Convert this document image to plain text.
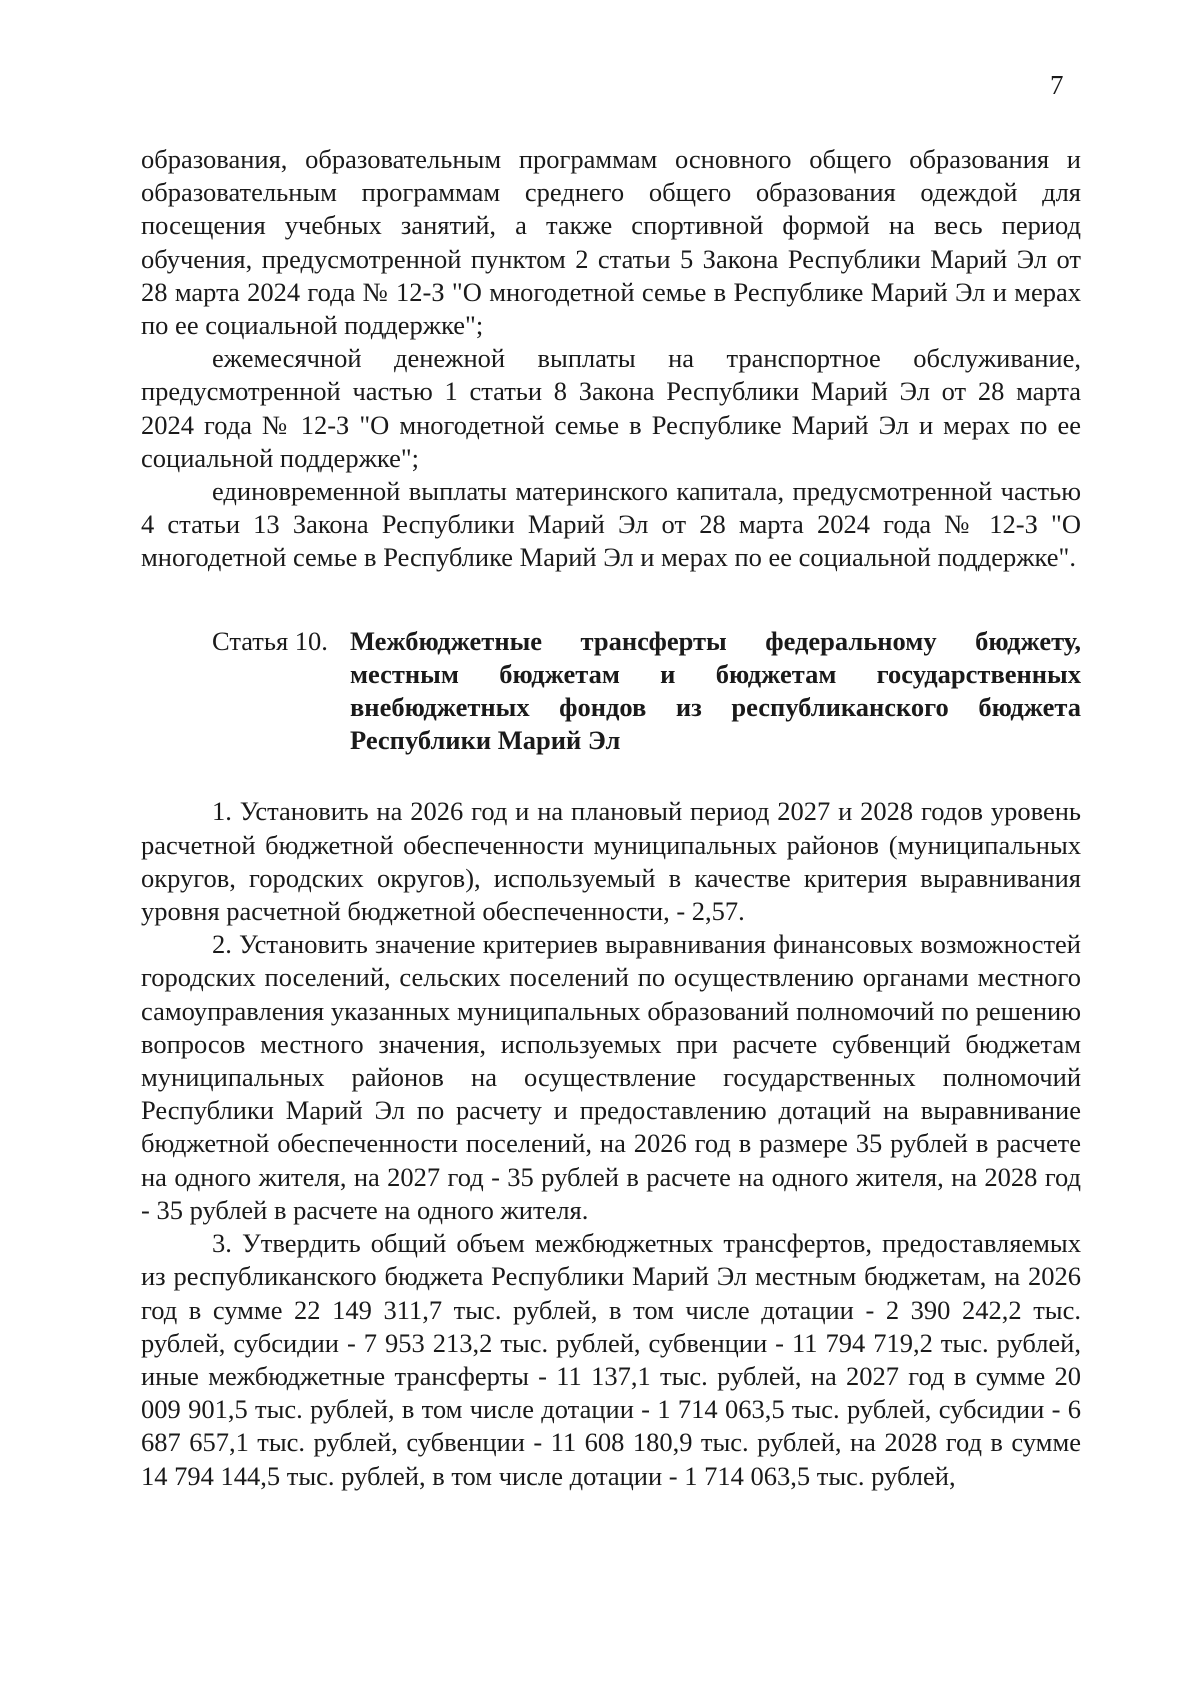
7

образования, образовательным программам основного общего образования и образовательным программам среднего общего образования одеждой для посещения учебных занятий, а также спортивной формой на весь период обучения, предусмотренной пунктом 2 статьи 5 Закона Республики Марий Эл от 28 марта 2024 года № 12-З "О многодетной семье в Республике Марий Эл и мерах по ее социальной поддержке";

ежемесячной денежной выплаты на транспортное обслуживание, предусмотренной частью 1 статьи 8 Закона Республики Марий Эл от 28 марта 2024 года № 12-З "О многодетной семье в Республике Марий Эл и мерах по ее социальной поддержке";

единовременной выплаты материнского капитала, предусмотренной частью 4 статьи 13 Закона Республики Марий Эл от 28 марта 2024 года № 12-З "О многодетной семье в Республике Марий Эл и мерах по ее социальной поддержке".

Статья 10. Межбюджетные трансферты федеральному бюджету, местным бюджетам и бюджетам государственных внебюджетных фондов из республиканского бюджета Республики Марий Эл

1. Установить на 2026 год и на плановый период 2027 и 2028 годов уровень расчетной бюджетной обеспеченности муниципальных районов (муниципальных округов, городских округов), используемый в качестве критерия выравнивания уровня расчетной бюджетной обеспеченности, - 2,57.

2. Установить значение критериев выравнивания финансовых возможностей городских поселений, сельских поселений по осуществлению органами местного самоуправления указанных муниципальных образований полномочий по решению вопросов местного значения, используемых при расчете субвенций бюджетам муниципальных районов на осуществление государственных полномочий Республики Марий Эл по расчету и предоставлению дотаций на выравнивание бюджетной обеспеченности поселений, на 2026 год в размере 35 рублей в расчете на одного жителя, на 2027 год - 35 рублей в расчете на одного жителя, на 2028 год - 35 рублей в расчете на одного жителя.

3. Утвердить общий объем межбюджетных трансфертов, предоставляемых из республиканского бюджета Республики Марий Эл местным бюджетам, на 2026 год в сумме 22 149 311,7 тыс. рублей, в том числе дотации - 2 390 242,2 тыс. рублей, субсидии - 7 953 213,2 тыс. рублей, субвенции - 11 794 719,2 тыс. рублей, иные межбюджетные трансферты - 11 137,1 тыс. рублей, на 2027 год в сумме 20 009 901,5 тыс. рублей, в том числе дотации - 1 714 063,5 тыс. рублей, субсидии - 6 687 657,1 тыс. рублей, субвенции - 11 608 180,9 тыс. рублей, на 2028 год в сумме 14 794 144,5 тыс. рублей, в том числе дотации - 1 714 063,5 тыс. рублей,
